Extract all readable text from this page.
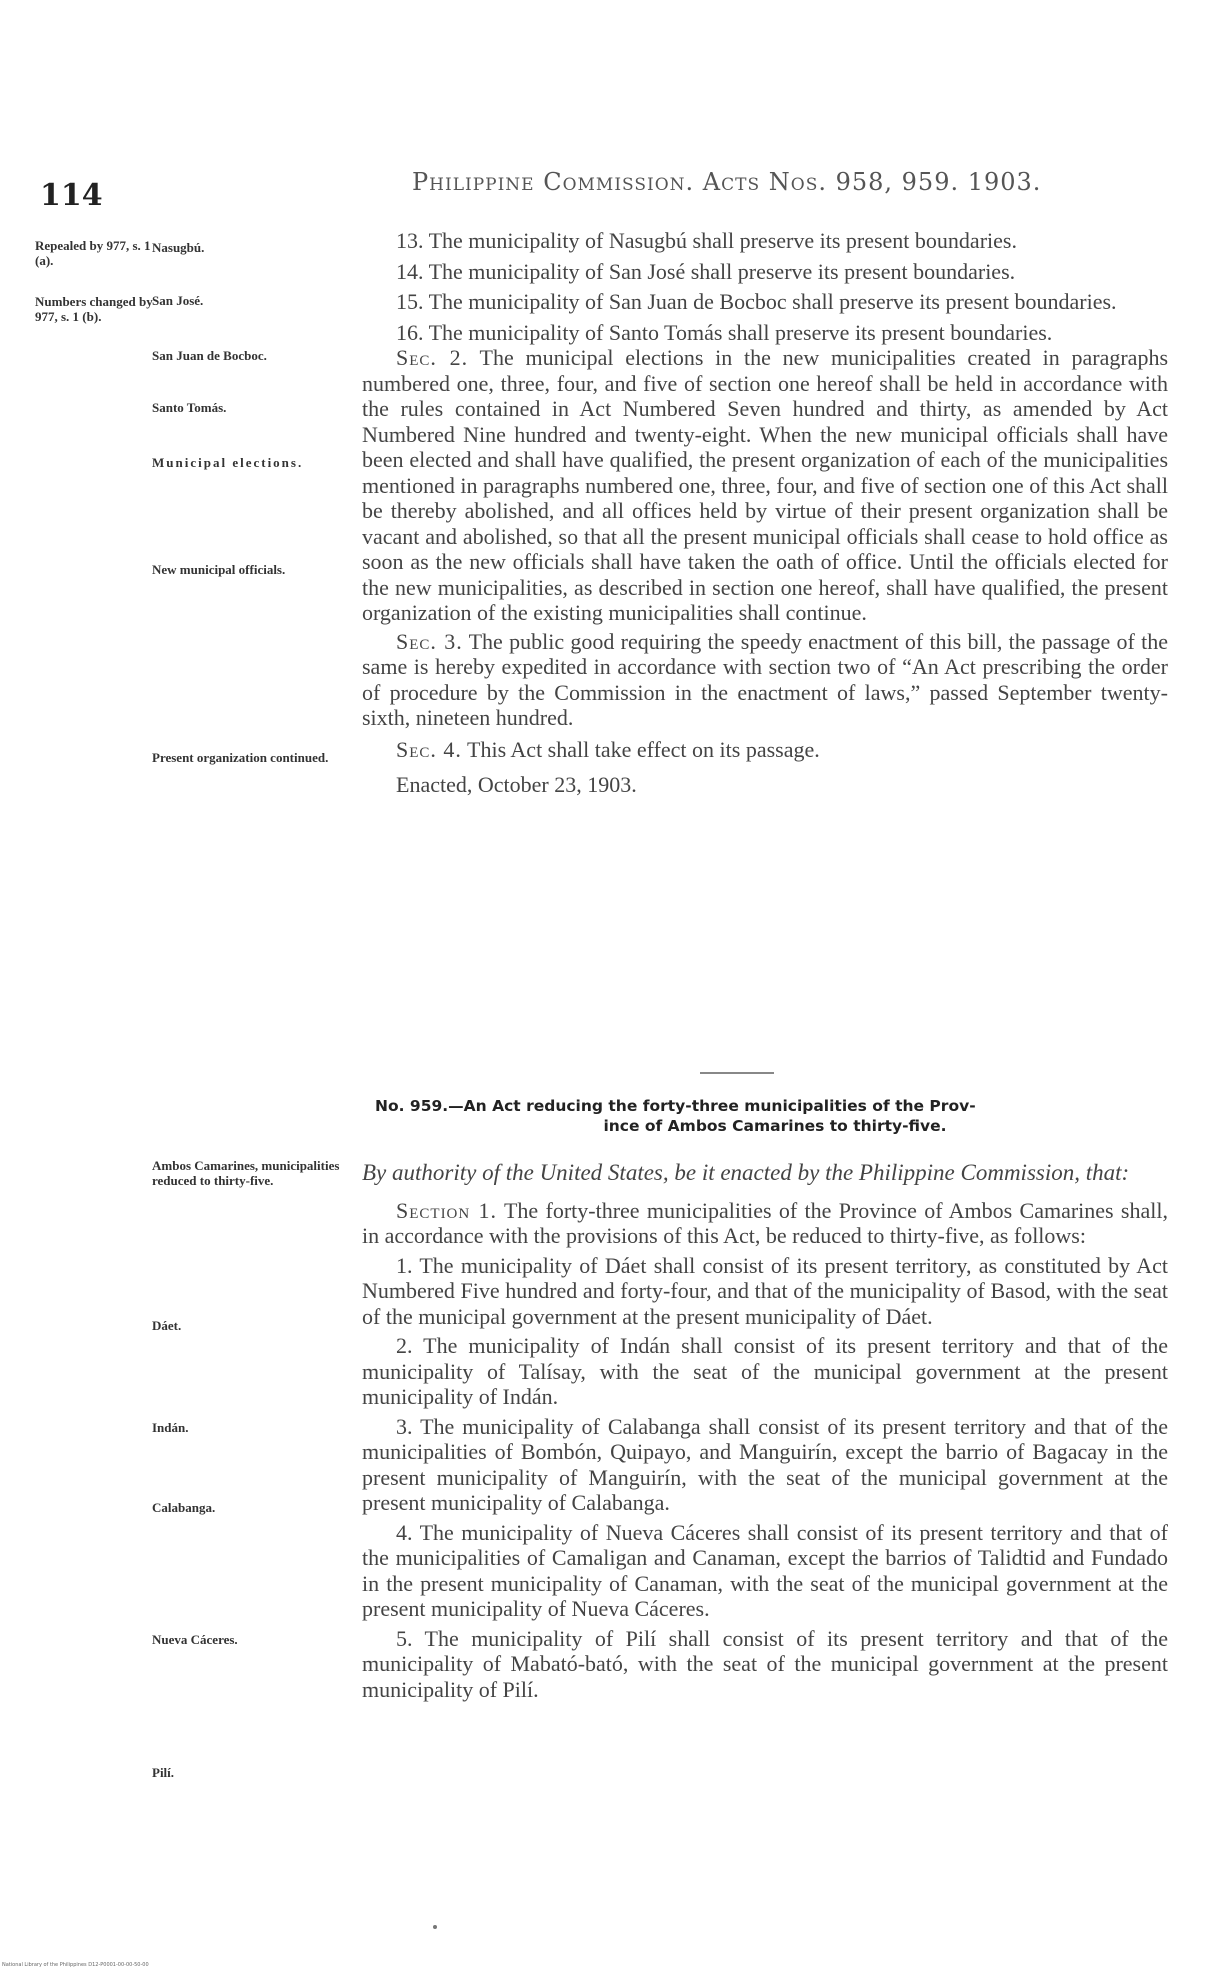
114	Philippine Commission. Acts Nos. 958, 959. 1903.
Repealed by 977, s. 1 (a).
Numbers changed by 977, s. 1 (b).
Nasugbú.
San José.
San Juan de Bocboc.
Santo Tomás.
Municipal elections.
New municipal officials.
Present organization continued.
Ambos Camarines, municipalities reduced to thirty-five.
Dáet.
Indán.
Calabanga.
Nueva Cáceres.
Pilí.

13. The municipality of Nasugbú shall preserve its present boundaries.

14. The municipality of San José shall preserve its present boundaries.

15. The municipality of San Juan de Bocboc shall preserve its present boundaries.

16. The municipality of Santo Tomás shall preserve its present boundaries.

Sec. 2. The municipal elections in the new municipalities created in paragraphs numbered one, three, four, and five of section one hereof shall be held in accordance with the rules contained in Act Numbered Seven hundred and thirty, as amended by Act Numbered Nine hundred and twenty-eight. When the new municipal officials shall have been elected and shall have qualified, the present organization of each of the municipalities mentioned in paragraphs numbered one, three, four, and five of section one of this Act shall be thereby abolished, and all offices held by virtue of their present organization shall be vacant and abolished, so that all the present municipal officials shall cease to hold office as soon as the new officials shall have taken the oath of office. Until the officials elected for the new municipalities, as described in section one hereof, shall have qualified, the present organization of the existing municipalities shall continue.

Sec. 3. The public good requiring the speedy enactment of this bill, the passage of the same is hereby expedited in accordance with section two of “An Act prescribing the order of procedure by the Commission in the enactment of laws,” passed September twenty-sixth, nineteen hundred.

Sec. 4. This Act shall take effect on its passage.

Enacted, October 23, 1903.

No. 959.—An Act reducing the forty-three municipalities of the Prov-
ince of Ambos Camarines to thirty-five.

By authority of the United States, be it enacted by the Philippine Commission, that:

Section 1. The forty-three municipalities of the Province of Ambos Camarines shall, in accordance with the provisions of this Act, be reduced to thirty-five, as follows:

1. The municipality of Dáet shall consist of its present territory, as constituted by Act Numbered Five hundred and forty-four, and that of the municipality of Basod, with the seat of the municipal government at the present municipality of Dáet.

2. The municipality of Indán shall consist of its present territory and that of the municipality of Talísay, with the seat of the municipal government at the present municipality of Indán.

3. The municipality of Calabanga shall consist of its present territory and that of the municipalities of Bombón, Quipayo, and Manguirín, except the barrio of Bagacay in the present municipality of Manguirín, with the seat of the municipal government at the present municipality of Calabanga.

4. The municipality of Nueva Cáceres shall consist of its present territory and that of the municipalities of Camaligan and Canaman, except the barrios of Talidtid and Fundado in the present municipality of Canaman, with the seat of the municipal government at the present municipality of Nueva Cáceres.

5. The municipality of Pilí shall consist of its present territory and that of the municipality of Mabató-bató, with the seat of the municipal government at the present municipality of Pilí.

National Library of the Philippines D12-P0001-00-00-50-00
